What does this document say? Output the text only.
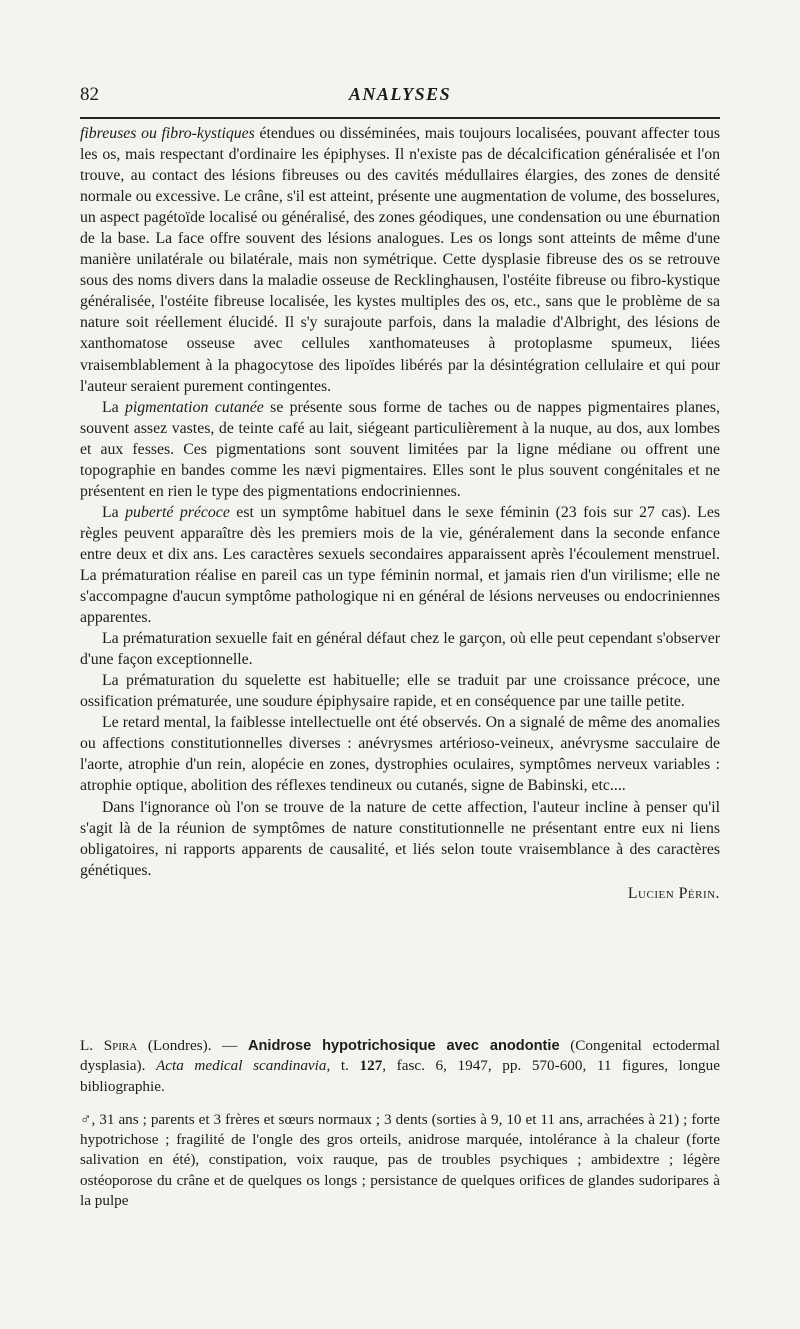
82	ANALYSES

fibreuses ou fibro-kystiques étendues ou disséminées, mais toujours localisées, pouvant affecter tous les os, mais respectant d'ordinaire les épiphyses. Il n'existe pas de décalcification généralisée et l'on trouve, au contact des lésions fibreuses ou des cavités médullaires élargies, des zones de densité normale ou excessive. Le crâne, s'il est atteint, présente une augmentation de volume, des bosselures, un aspect pagétoïde localisé ou généralisé, des zones géodiques, une condensation ou une éburnation de la base. La face offre souvent des lésions analogues. Les os longs sont atteints de même d'une manière unilatérale ou bilatérale, mais non symétrique. Cette dysplasie fibreuse des os se retrouve sous des noms divers dans la maladie osseuse de Recklinghausen, l'ostéite fibreuse ou fibro-kystique généralisée, l'ostéite fibreuse localisée, les kystes multiples des os, etc., sans que le problème de sa nature soit réellement élucidé. Il s'y surajoute parfois, dans la maladie d'Albright, des lésions de xanthomatose osseuse avec cellules xanthomateuses à protoplasme spumeux, liées vraisemblablement à la phagocytose des lipoïdes libérés par la désintégration cellulaire et qui pour l'auteur seraient purement contingentes.

La pigmentation cutanée se présente sous forme de taches ou de nappes pigmentaires planes, souvent assez vastes, de teinte café au lait, siégeant particulièrement à la nuque, au dos, aux lombes et aux fesses. Ces pigmentations sont souvent limitées par la ligne médiane ou offrent une topographie en bandes comme les nævi pigmentaires. Elles sont le plus souvent congénitales et ne présentent en rien le type des pigmentations endocriniennes.

La puberté précoce est un symptôme habituel dans le sexe féminin (23 fois sur 27 cas). Les règles peuvent apparaître dès les premiers mois de la vie, généralement dans la seconde enfance entre deux et dix ans. Les caractères sexuels secondaires apparaissent après l'écoulement menstruel. La prématuration réalise en pareil cas un type féminin normal, et jamais rien d'un virilisme; elle ne s'accompagne d'aucun symptôme pathologique ni en général de lésions nerveuses ou endocriniennes apparentes.

La prématuration sexuelle fait en général défaut chez le garçon, où elle peut cependant s'observer d'une façon exceptionnelle.

La prématuration du squelette est habituelle; elle se traduit par une croissance précoce, une ossification prématurée, une soudure épiphysaire rapide, et en conséquence par une taille petite.

Le retard mental, la faiblesse intellectuelle ont été observés. On a signalé de même des anomalies ou affections constitutionnelles diverses : anévrysmes artérioso-veineux, anévrysme sacculaire de l'aorte, atrophie d'un rein, alopécie en zones, dystrophies oculaires, symptômes nerveux variables : atrophie optique, abolition des réflexes tendineux ou cutanés, signe de Babinski, etc....

Dans l'ignorance où l'on se trouve de la nature de cette affection, l'auteur incline à penser qu'il s'agit là de la réunion de symptômes de nature constitutionnelle ne présentant entre eux ni liens obligatoires, ni rapports apparents de causalité, et liés selon toute vraisemblance à des caractères génétiques.

Lucien Périn.

L. Spira (Londres). — Anidrose hypotrichosique avec anodontie (Congenital ectodermal dysplasia). Acta medical scandinavia, t. 127, fasc. 6, 1947, pp. 570-600, 11 figures, longue bibliographie.

♂, 31 ans ; parents et 3 frères et sœurs normaux ; 3 dents (sorties à 9, 10 et 11 ans, arrachées à 21) ; forte hypotrichose ; fragilité de l'ongle des gros orteils, anidrose marquée, intolérance à la chaleur (forte salivation en été), constipation, voix rauque, pas de troubles psychiques ; ambidextre ; légère ostéoporose du crâne et de quelques os longs ; persistance de quelques orifices de glandes sudoripares à la pulpe
